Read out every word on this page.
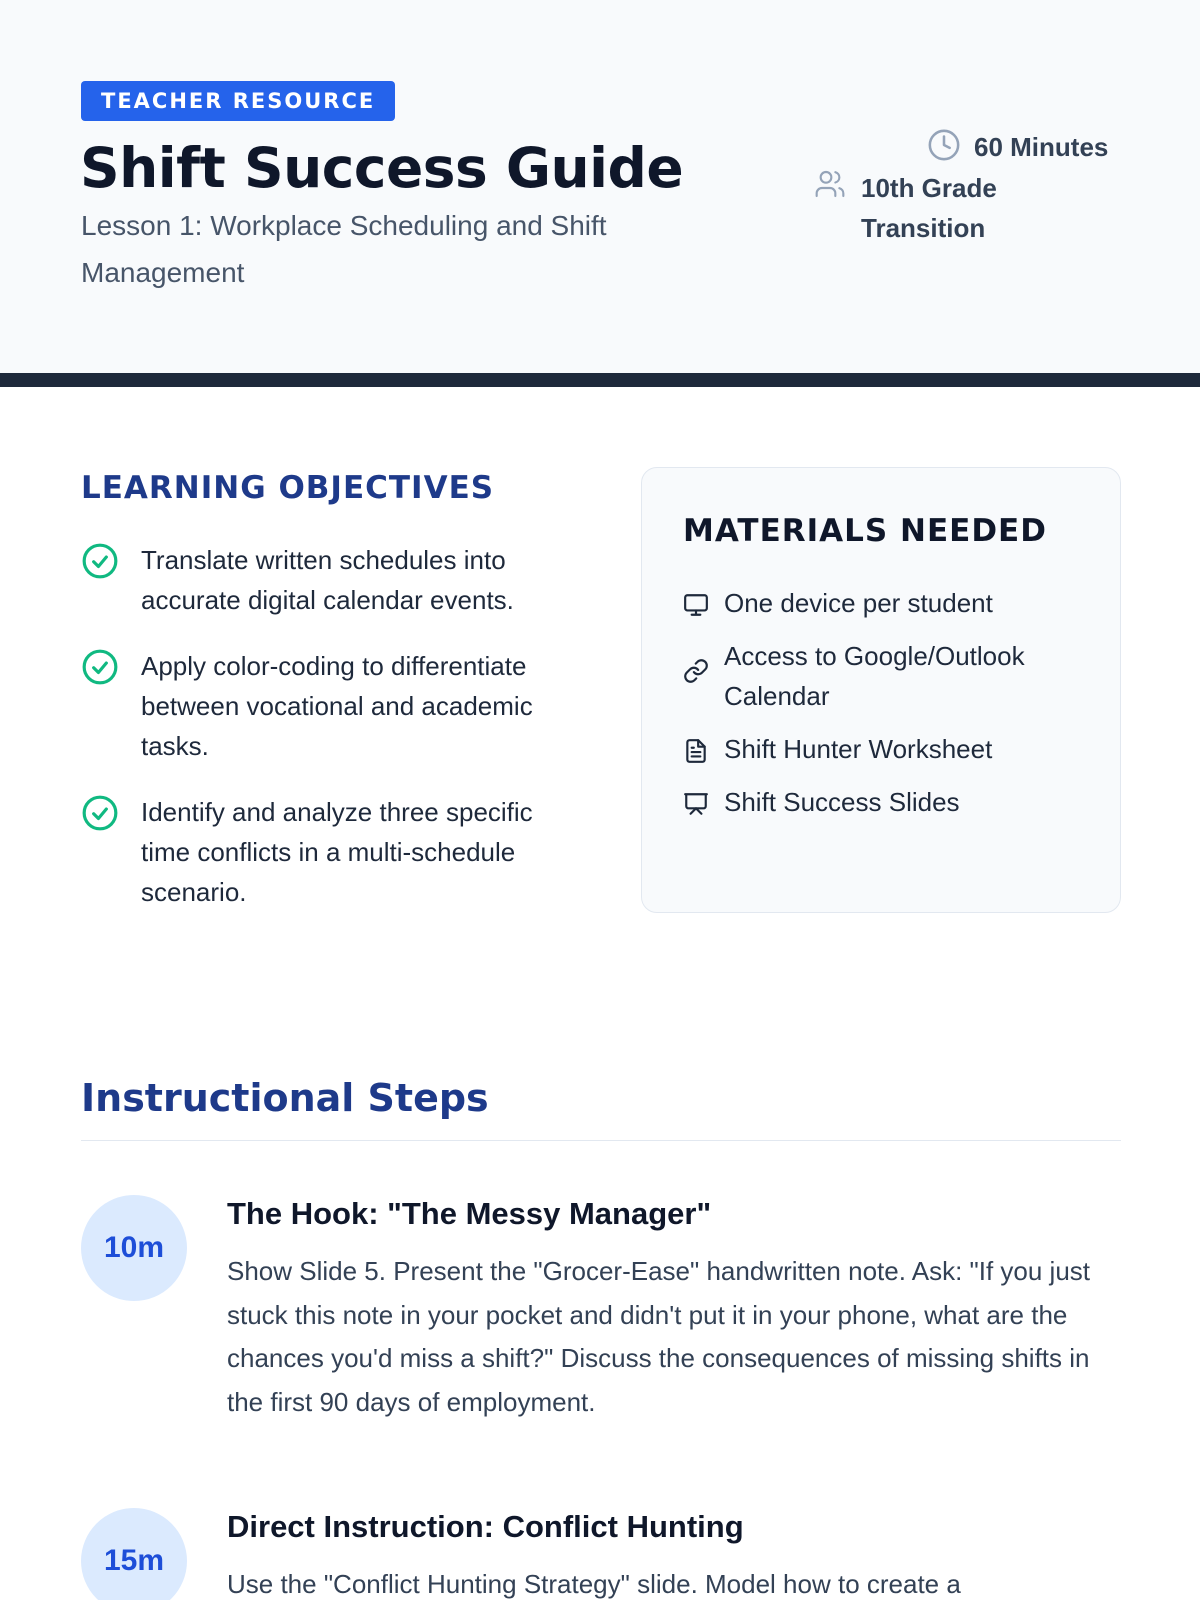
TEACHER RESOURCE
Shift Success Guide
Lesson 1: Workplace Scheduling and Shift Management
60 Minutes
10th Grade Transition
LEARNING OBJECTIVES
Translate written schedules into accurate digital calendar events.
Apply color-coding to differentiate between vocational and academic tasks.
Identify and analyze three specific time conflicts in a multi-schedule scenario.
MATERIALS NEEDED
One device per student
Access to Google/Outlook Calendar
Shift Hunter Worksheet
Shift Success Slides
Instructional Steps
10m
The Hook: "The Messy Manager"

Show Slide 5. Present the "Grocer-Ease" handwritten note. Ask: "If you just stuck this note in your pocket and didn't put it in your phone, what are the chances you'd miss a shift?" Discuss the consequences of missing shifts in the first 90 days of employment.

15m
Direct Instruction: Conflict Hunting

Use the "Conflict Hunting Strategy" slide. Model how to create a
